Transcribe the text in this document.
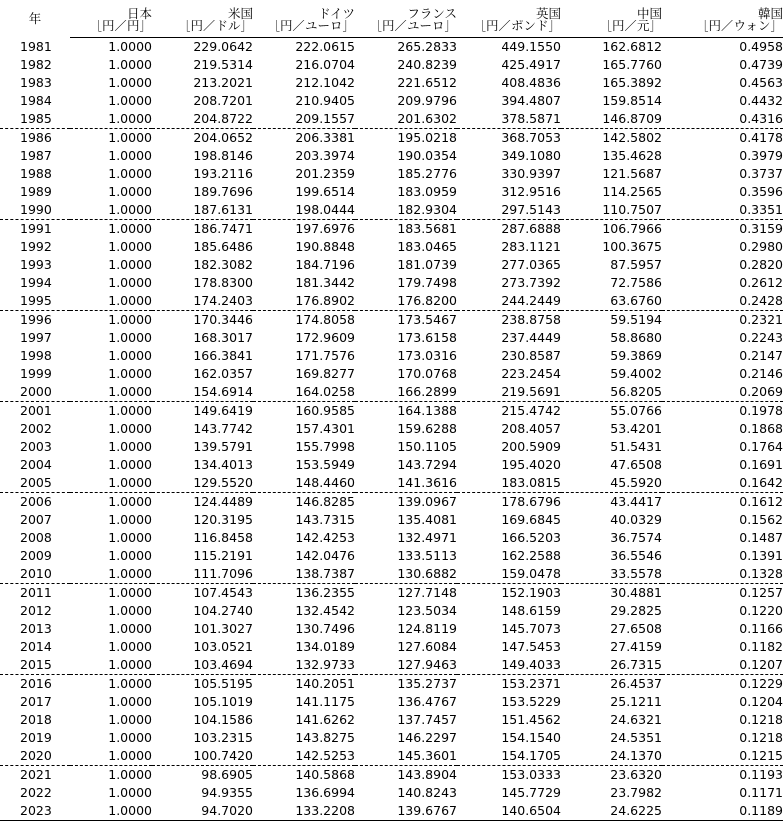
年	日本	米国	ドイツ	フランス	英国	中国	韓国
	［円／円］	［円／ドル］	［円／ユーロ］	［円／ユーロ］	［円／ポンド］	［円／元］	［円／ウォン］
1981	1.0000	229.0642	222.0615	265.2833	449.1550	162.6812	0.4958
1982	1.0000	219.5314	216.0704	240.8239	425.4917	165.7760	0.4739
1983	1.0000	213.2021	212.1042	221.6512	408.4836	165.3892	0.4563
1984	1.0000	208.7201	210.9405	209.9796	394.4807	159.8514	0.4432
1985	1.0000	204.8722	209.1557	201.6302	378.5871	146.8709	0.4316
1986	1.0000	204.0652	206.3381	195.0218	368.7053	142.5802	0.4178
1987	1.0000	198.8146	203.3974	190.0354	349.1080	135.4628	0.3979
1988	1.0000	193.2116	201.2359	185.2776	330.9397	121.5687	0.3737
1989	1.0000	189.7696	199.6514	183.0959	312.9516	114.2565	0.3596
1990	1.0000	187.6131	198.0444	182.9304	297.5143	110.7507	0.3351
1991	1.0000	186.7471	197.6976	183.5681	287.6888	106.7966	0.3159
1992	1.0000	185.6486	190.8848	183.0465	283.1121	100.3675	0.2980
1993	1.0000	182.3082	184.7196	181.0739	277.0365	87.5957	0.2820
1994	1.0000	178.8300	181.3442	179.7498	273.7392	72.7586	0.2612
1995	1.0000	174.2403	176.8902	176.8200	244.2449	63.6760	0.2428
1996	1.0000	170.3446	174.8058	173.5467	238.8758	59.5194	0.2321
1997	1.0000	168.3017	172.9609	173.6158	237.4449	58.8680	0.2243
1998	1.0000	166.3841	171.7576	173.0316	230.8587	59.3869	0.2147
1999	1.0000	162.0357	169.8277	170.0768	223.2454	59.4002	0.2146
2000	1.0000	154.6914	164.0258	166.2899	219.5691	56.8205	0.2069
2001	1.0000	149.6419	160.9585	164.1388	215.4742	55.0766	0.1978
2002	1.0000	143.7742	157.4301	159.6288	208.4057	53.4201	0.1868
2003	1.0000	139.5791	155.7998	150.1105	200.5909	51.5431	0.1764
2004	1.0000	134.4013	153.5949	143.7294	195.4020	47.6508	0.1691
2005	1.0000	129.5520	148.4460	141.3616	183.0815	45.5920	0.1642
2006	1.0000	124.4489	146.8285	139.0967	178.6796	43.4417	0.1612
2007	1.0000	120.3195	143.7315	135.4081	169.6845	40.0329	0.1562
2008	1.0000	116.8458	142.4253	132.4971	166.5203	36.7574	0.1487
2009	1.0000	115.2191	142.0476	133.5113	162.2588	36.5546	0.1391
2010	1.0000	111.7096	138.7387	130.6882	159.0478	33.5578	0.1328
2011	1.0000	107.4543	136.2355	127.7148	152.1903	30.4881	0.1257
2012	1.0000	104.2740	132.4542	123.5034	148.6159	29.2825	0.1220
2013	1.0000	101.3027	130.7496	124.8119	145.7073	27.6508	0.1166
2014	1.0000	103.0521	134.0189	127.6084	147.5453	27.4159	0.1182
2015	1.0000	103.4694	132.9733	127.9463	149.4033	26.7315	0.1207
2016	1.0000	105.5195	140.2051	135.2737	153.2371	26.4537	0.1229
2017	1.0000	105.1019	141.1175	136.4767	153.5229	25.1211	0.1204
2018	1.0000	104.1586	141.6262	137.7457	151.4562	24.6321	0.1218
2019	1.0000	103.2315	143.8275	146.2297	154.1540	24.5351	0.1218
2020	1.0000	100.7420	142.5253	145.3601	154.1705	24.1370	0.1215
2021	1.0000	98.6905	140.5868	143.8904	153.0333	23.6320	0.1193
2022	1.0000	94.9355	136.6994	140.8243	145.7729	23.7982	0.1171
2023	1.0000	94.7020	133.2208	139.6767	140.6504	24.6225	0.1189
